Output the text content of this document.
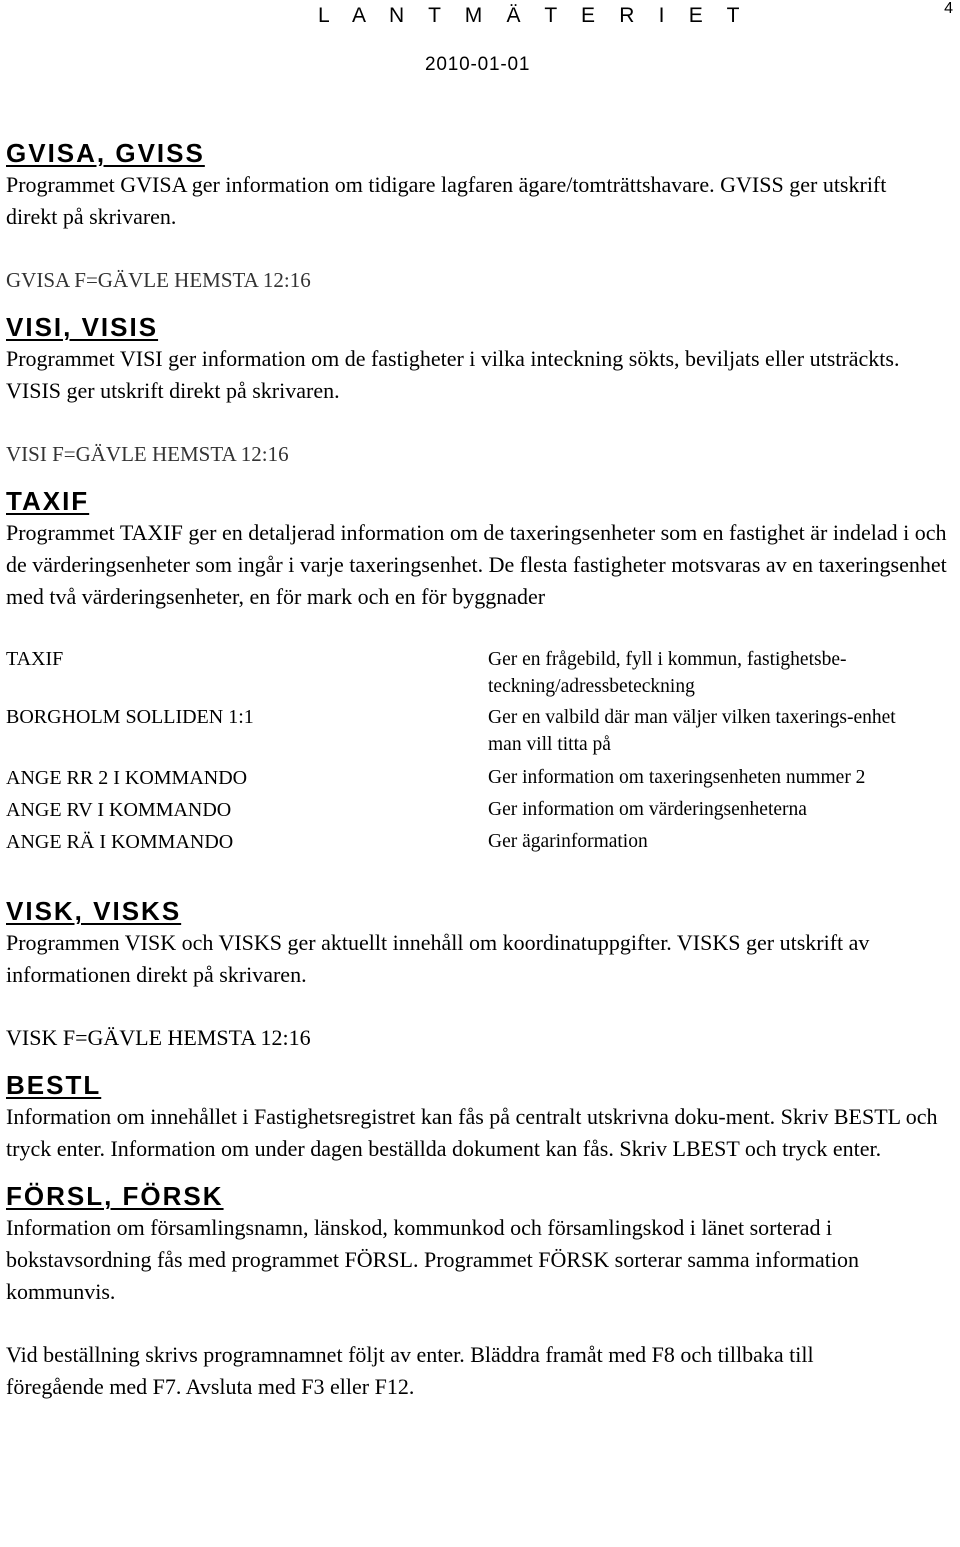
L A N T M Ä T E R I E T	4
2010-01-01
GVISA, GVISS

Programmet GVISA ger information om tidigare lagfaren ägare/tomträttshavare. GVISS ger utskrift direkt på skrivaren.

GVISA F=GÄVLE HEMSTA 12:16

VISI, VISIS

Programmet VISI ger information om de fastigheter i vilka inteckning sökts, beviljats eller utsträckts. VISIS ger utskrift direkt på skrivaren.

VISI F=GÄVLE HEMSTA 12:16

TAXIF

Programmet TAXIF ger en detaljerad information om de taxeringsenheter som en fastighet är indelad i och de värderingsenheter som ingår i varje taxeringsenhet. De flesta fastigheter motsvaras av en taxeringsenhet med två värderingsenheter, en för mark och en för byggnader

TAXIF	Ger en frågebild, fyll i kommun, fastighetsbe-teckning/adressbeteckning
BORGHOLM SOLLIDEN 1:1	Ger en valbild där man väljer vilken taxerings-enhet man vill titta på
ANGE RR 2 I KOMMANDO	Ger information om taxeringsenheten nummer 2
ANGE RV I KOMMANDO	Ger information om värderingsenheterna
ANGE RÄ I KOMMANDO	Ger ägarinformation
VISK, VISKS

Programmen VISK och VISKS ger aktuellt innehåll om koordinatuppgifter. VISKS ger utskrift av informationen direkt på skrivaren.

VISK F=GÄVLE HEMSTA 12:16

BESTL

Information om innehållet i Fastighetsregistret kan fås på centralt utskrivna doku-ment. Skriv BESTL och tryck enter. Information om under dagen beställda dokument kan fås. Skriv LBEST och tryck enter.

FÖRSL, FÖRSK

Information om församlingsnamn, länskod, kommunkod och församlingskod i länet sorterad i bokstavsordning fås med programmet FÖRSL. Programmet FÖRSK sorterar samma information kommunvis.

Vid beställning skrivs programnamnet följt av enter. Bläddra framåt med F8 och tillbaka till föregående med F7. Avsluta med F3 eller F12.
